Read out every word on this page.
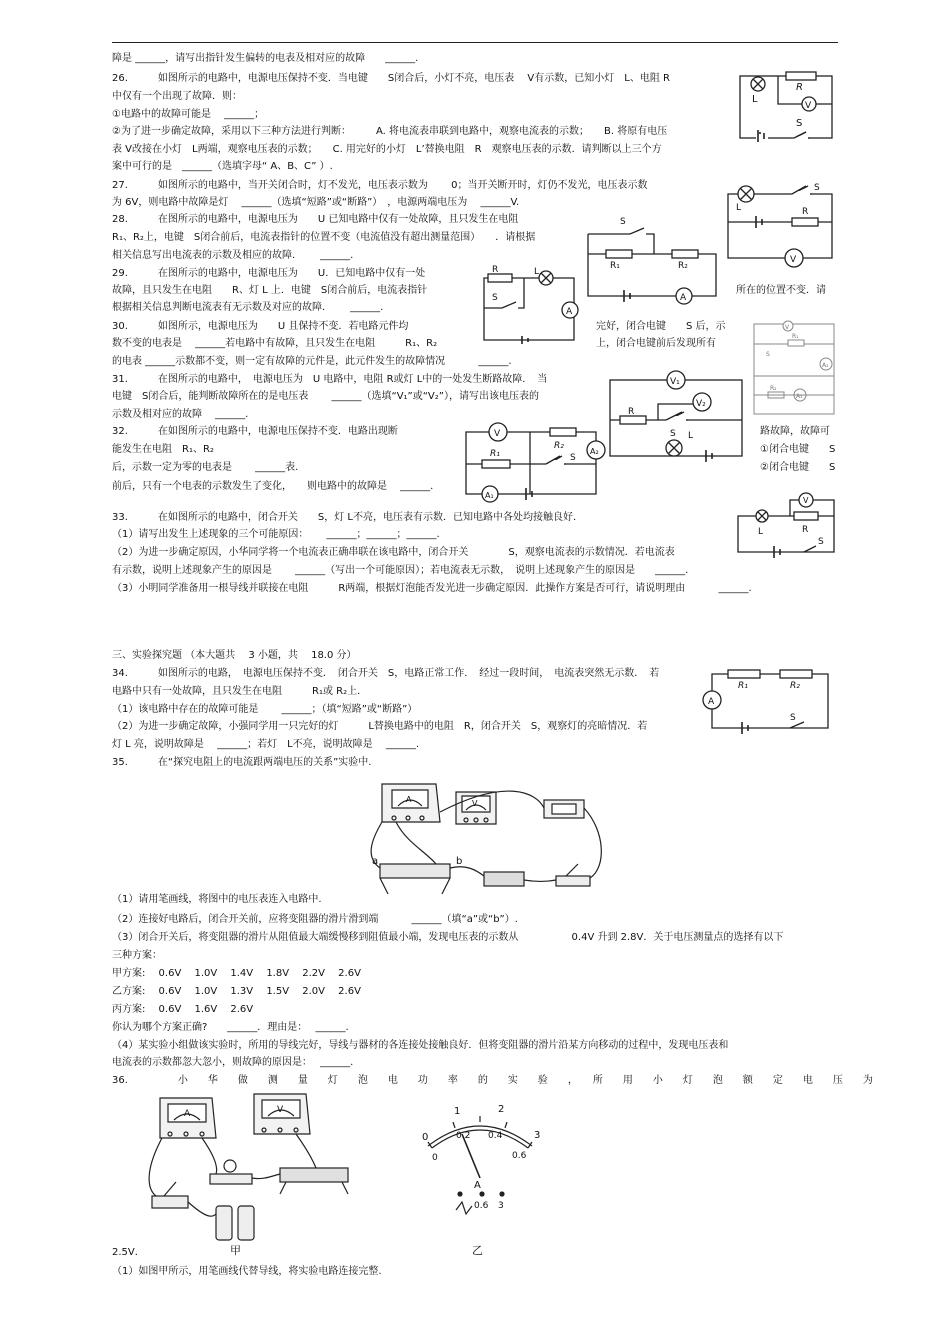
障是 ______，请写出指针发生偏转的电表及相对应的故障　　______.
26.　　　如图所示的电路中，电源电压保持不变．当电键　　S闭合后，小灯不亮，电压表　 V有示数，已知小灯　L、电阻 R
中仅有一个出现了故障．则：
①电路中的故障可能是　 ______；
②为了进一步确定故障，采用以下三种方法进行判断：　　　A. 将电流表串联到电路中，观察电流表的示数；　　B. 将原有电压
表 V改接在小灯　L两端，观察电压表的示数；　　C. 用完好的小灯　L’替换电阻　R　观察电压表的示数．请判断以上三个方
案中可行的是　______（选填字母“ A、B、C” ）.
27.　　　如图所示的电路中，当开关闭合时，灯不发光，电压表示数为　　 0；当开关断开时，灯仍不发光，电压表示数
为 6V，则电路中故障是灯　 ______（选填“短路”或“断路”）　，电源两端电压为　 ______V.
28.　　　在图所示的电路中，电源电压为　　U 已知电路中仅有一处故障，且只发生在电阻
R₁、R₂上，电键　S闭合前后，电流表指针的位置不变（电流值没有超出测量范围）　　．请根据
相关信息写出电流表的示数及相应的故障．　　 ______.
29.　　　在图所示的电路中，电源电压为　　U．已知电路中仅有一处
故障，且只发生在电阻　　R、灯 L 上．电键　S闭合前后，电流表指针
根据相关信息判断电流表有无示数及对应的故障．　　 ______.
所在的位置不变．请
30.　　　如图所示，电源电压为　　U 且保持不变．若电路元件均	完好，闭合电键　　S 后，示
数不变的电表是　 ______若电路中有故障，且只发生在电阻　　　R₁、R₂	上，闭合电键前后发现所有
的电表 ______示数都不变，则一定有故障的元件是，此元件发生的故障情况　　　 ______.
31.　　　在图所示的电路中，　电源电压为　U 电路中，电阻 R或灯 L中的一处发生断路故障．　当
电键　S闭合后，能判断故障所在的是电压表　　 ______（选填“V₁”或“V₂”），请写出该电压表的
示数及相对应的故障　 ______.
32.　　　在如图所示的电路中，电源电压保持不变．电路出现断
能发生在电阻　R₁、R₂
后，示数一定为零的电表是　　 ______表.
前后，只有一个电表的示数发生了变化，　　则电路中的故障是　 ______.
路故障，故障可
①闭合电键　　S
②闭合电键　　S
33.　　　在如图所示的电路中，闭合开关　　S，灯 L不亮，电压表有示数．已知电路中各处均接触良好．
（1）请写出发生上述现象的三个可能原因：　　 ______；______；______.
（2）为进一步确定原因，小华同学将一个电流表正确串联在该电路中，闭合开关　　　　S，观察电流表的示数情况．若电流表
有示数，说明上述现象产生的原因是　　 ______（写出一个可能原因）；若电流表无示数，　说明上述现象产生的原因是　　______.
（3）小明同学准备用一根导线并联接在电阻　　　R两端，根据灯泡能否发光进一步确定原因．此操作方案是否可行，请说明理由　　　 ______.
三、实验探究题 （本大题共　 3 小题，共　 18.0 分）
34.　　　如图所示的电路，　电源电压保持不变．　闭合开关　S，电路正常工作．　经过一段时间，　电流表突然无示数．　若
电路中只有一处故障，且只发生在电阻　　　R₁或 R₂上．
（1）该电路中存在的故障可能是　　 ______；（填“短路”或“断路”）
（2）为进一步确定故障，小强同学用一只完好的灯　　　L替换电路中的电阻　R，闭合开关　S，观察灯的亮暗情况．若
灯 L 亮，说明故障是　 ______；若灯　L不亮，说明故障是　 ______.
35.　　　在“探究电阻上的电流跟两端电压的关系”实验中.
（1）请用笔画线，将图中的电压表连入电路中.
（2）连接好电路后，闭合开关前，应将变阻器的滑片滑到端　　　 ______（填“a”或“b”）.
（3）闭合开关后，将变阻器的滑片从阻值最大端缓慢移到阻值最小端，发现电压表的示数从　　　　　 0.4V 升到 2.8V．关于电压测量点的选择有以下
三种方案：
甲方案:　 0.6V　 1.0V　 1.4V　 1.8V　 2.2V　 2.6V
乙方案:　 0.6V　 1.0V　 1.3V　 1.5V　 2.0V　 2.6V
丙方案:　 0.6V　 1.6V　 2.6V
你认为哪个方案正确?　　______．理由是：　 ______.
（4）某实验小组做该实验时，所用的导线完好，导线与器材的各连接处接触良好．但将变阻器的滑片沿某方向移动的过程中，发现电压表和
电流表的示数都忽大忽小，则故障的原因是：　 ______.
36.　　　　　小　　华　　做　　测　　量　　灯　　泡　　电　　功　　率　　的　　实　　验　　，　　所　　用　　小　　灯　　泡　　额　　定　　电　　压　　为
2.5V．
（1）如图甲所示，用笔画线代替导线，将实验电路连接完整.
L
R
V
S
L	R
V
S
S
R₁	R₂
A
R	L
S
A
V
R₁
S
A₂
R₂
A₁
V₁
V₂
R
S L
V
R₂
A₂
R₁	S
A₁
L
V
R
S
R₁	R₂
A
S
a	b
A	V
A	V
甲
1	2
0	3
0
0.2 0.4
0.6
A
0.6 3
乙
